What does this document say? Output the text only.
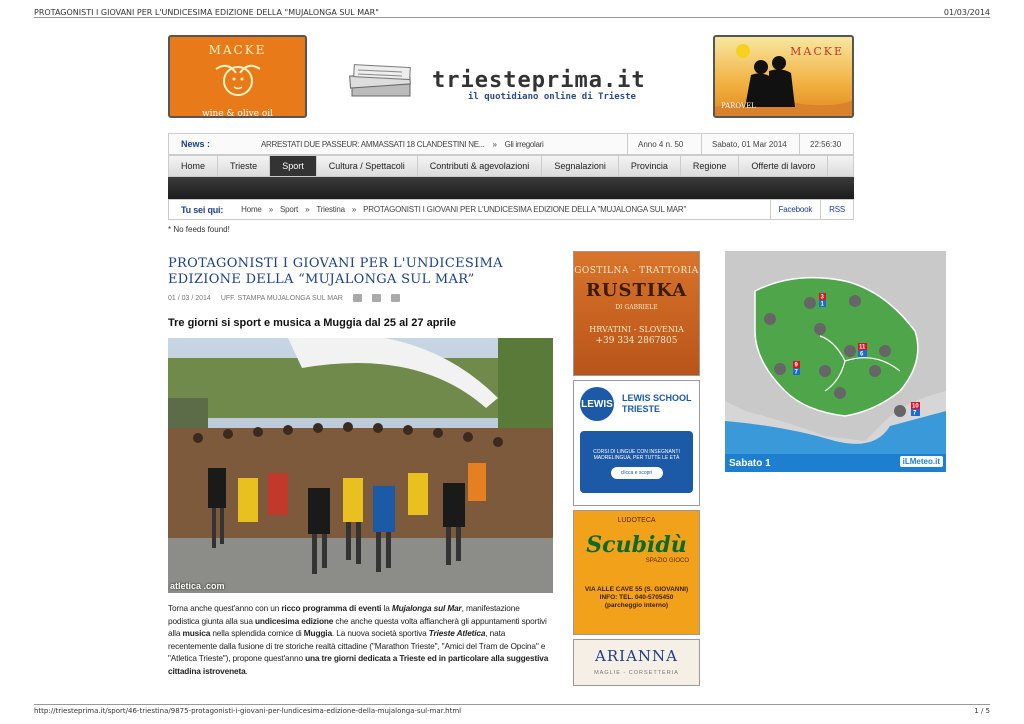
PROTAGONISTI I GIOVANI PER L'UNDICESIMA EDIZIONE DELLA "MUJALONGA SUL MAR"	01/03/2014
MACKE
wine & olive oil
triesteprima.it
il quotidiano online di Trieste
MACKE
PAROVEL
News :	ARRESTATI DUE PASSEUR: AMMASSATI 18 CLANDESTINI NE... » Gli irregolari	Anno 4 n. 50	Sabato, 01 Mar 2014	22:56:30
Home	Trieste	Sport	Cultura / Spettacoli	Contributi & agevolazioni	Segnalazioni	Provincia	Regione	Offerte di lavoro
Tu sei qui: Home » Sport » Triestina » PROTAGONISTI I GIOVANI PER L'UNDICESIMA EDIZIONE DELLA "MUJALONGA SUL MAR"	Facebook	RSS
* No feeds found!
PROTAGONISTI I GIOVANI PER L'UNDICESIMA EDIZIONE DELLA “MUJALONGA SUL MAR”
01 / 03 / 2014 UFF. STAMPA MUJALONGA SUL MAR
Tre giorni si sport e musica a Muggia dal 25 al 27 aprile
atletica .com
Torna anche quest'anno con un ricco programma di eventi la Mujalonga sul Mar, manifestazione podistica giunta alla sua undicesima edizione che anche questa volta affiancherà gli appuntamenti sportivi alla musica nella splendida cornice di Muggia. La nuova società sportiva Trieste Atletica, nata recentemente dalla fusione di tre storiche realtà cittadine ("Marathon Trieste", "Amici del Tram de Opcina" e "Atletica Trieste"), propone quest'anno una tre giorni dedicata a Trieste ed in particolare alla suggestiva cittadina istroveneta.
GOSTILNA - TRATTORIA
RUSTIKA
DI GABRIELE
HRVATINI - SLOVENIA
+39 334 2867805
LEWIS
LEWIS SCHOOL
TRIESTE
CORSI DI LINGUE CON INSEGNANTI MADRELINGUA, PER TUTTE LE ETÀ
clicca e scopri
LUDOTECA
Scubidù
SPAZIO GIOCO
VIA ALLE CAVE 55 (S. GIOVANNI)
INFO: TEL. 040-5705450
(parcheggio interno)
ARIANNA
MAGLIE - CORSETTERIA
3
1
9
7
11
6
10
7
Sabato 1	iLMeteo.it
http://triesteprima.it/sport/46-triestina/9875-protagonisti-i-giovani-per-lundicesima-edizione-della-mujalonga-sul-mar.html	1 / 5
